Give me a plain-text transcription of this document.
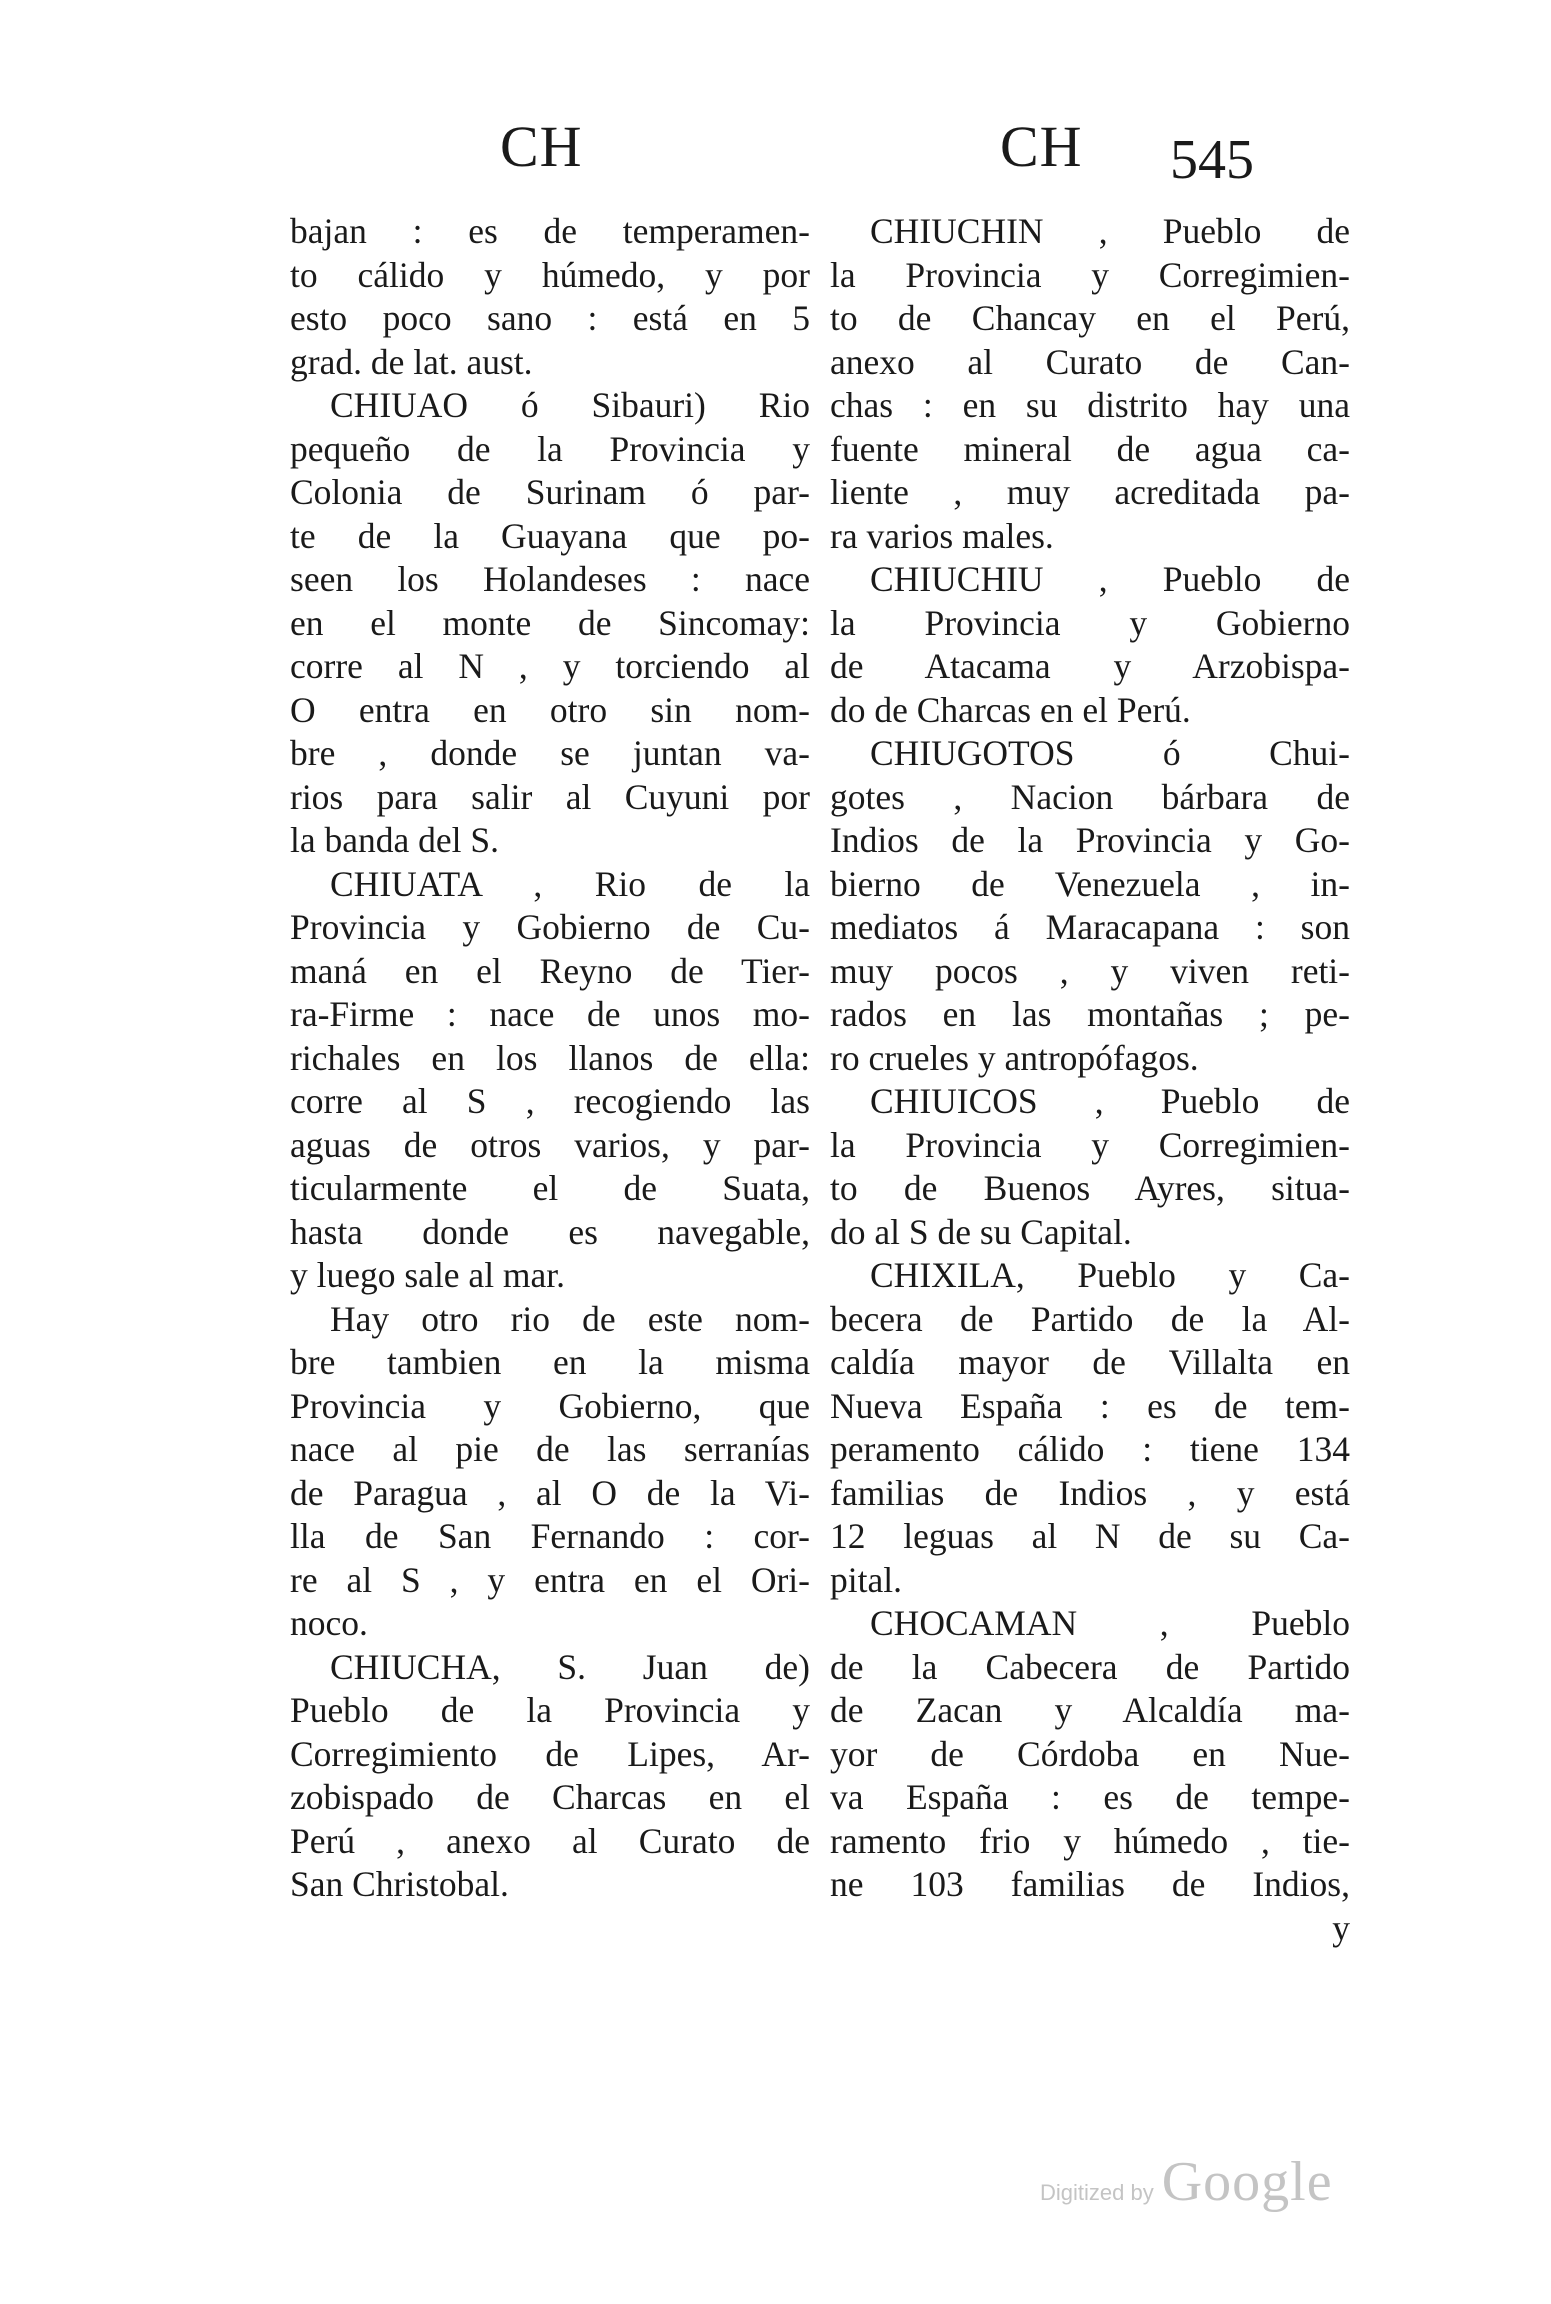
CH	CH 545
bajan : es de temperamen-
to cálido y húmedo, y por
esto poco sano : está en 5
grad. de lat. aust.
CHIUAO ó Sibauri) Rio
pequeño de la Provincia y
Colonia de Surinam ó par-
te de la Guayana que po-
seen los Holandeses : nace
en el monte de Sincomay:
corre al N , y torciendo al
O entra en otro sin nom-
bre , donde se juntan va-
rios para salir al Cuyuni por
la banda del S.
CHIUATA , Rio de la
Provincia y Gobierno de Cu-
maná en el Reyno de Tier-
ra-Firme : nace de unos mo-
richales en los llanos de ella:
corre al S , recogiendo las
aguas de otros varios, y par-
ticularmente el de Suata,
hasta donde es navegable,
y luego sale al mar.
Hay otro rio de este nom-
bre tambien en la misma
Provincia y Gobierno, que
nace al pie de las serranías
de Paragua , al O de la Vi-
lla de San Fernando : cor-
re al S , y entra en el Ori-
noco.
CHIUCHA, S. Juan de)
Pueblo de la Provincia y
Corregimiento de Lipes, Ar-
zobispado de Charcas en el
Perú , anexo al Curato de
San Christobal.
CHIUCHIN , Pueblo de
la Provincia y Corregimien-
to de Chancay en el Perú,
anexo al Curato de Can-
chas : en su distrito hay una
fuente mineral de agua ca-
liente , muy acreditada pa-
ra varios males.
CHIUCHIU , Pueblo de
la Provincia y Gobierno
de Atacama y Arzobispa-
do de Charcas en el Perú.
CHIUGOTOS ó Chui-
gotes , Nacion bárbara de
Indios de la Provincia y Go-
bierno de Venezuela , in-
mediatos á Maracapana : son
muy pocos , y viven reti-
rados en las montañas ; pe-
ro crueles y antropófagos.
CHIUICOS , Pueblo de
la Provincia y Corregimien-
to de Buenos Ayres, situa-
do al S de su Capital.
CHIXILA, Pueblo y Ca-
becera de Partido de la Al-
caldía mayor de Villalta en
Nueva España : es de tem-
peramento cálido : tiene 134
familias de Indios , y está
12 leguas al N de su Ca-
pital.
CHOCAMAN , Pueblo
de la Cabecera de Partido
de Zacan y Alcaldía ma-
yor de Córdoba en Nue-
va España : es de tempe-
ramento frio y húmedo , tie-
ne 103 familias de Indios,
y
Digitized by Google
